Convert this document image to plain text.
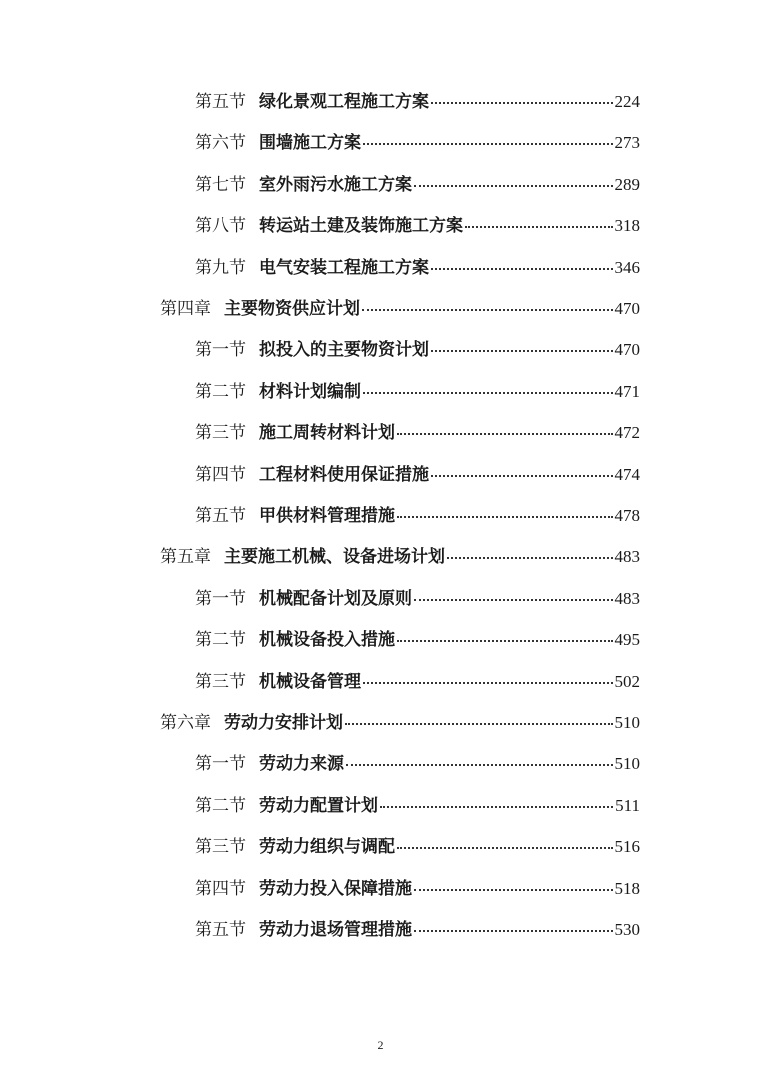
第五节 绿化景观工程施工方案	224
第六节 围墙施工方案	273
第七节 室外雨污水施工方案	289
第八节 转运站土建及装饰施工方案	318
第九节 电气安装工程施工方案	346
第四章 主要物资供应计划	470
第一节 拟投入的主要物资计划	470
第二节 材料计划编制	471
第三节 施工周转材料计划	472
第四节 工程材料使用保证措施	474
第五节 甲供材料管理措施	478
第五章 主要施工机械、设备进场计划	483
第一节 机械配备计划及原则	483
第二节 机械设备投入措施	495
第三节 机械设备管理	502
第六章 劳动力安排计划	510
第一节 劳动力来源	510
第二节 劳动力配置计划	511
第三节 劳动力组织与调配	516
第四节 劳动力投入保障措施	518
第五节 劳动力退场管理措施	530
2
